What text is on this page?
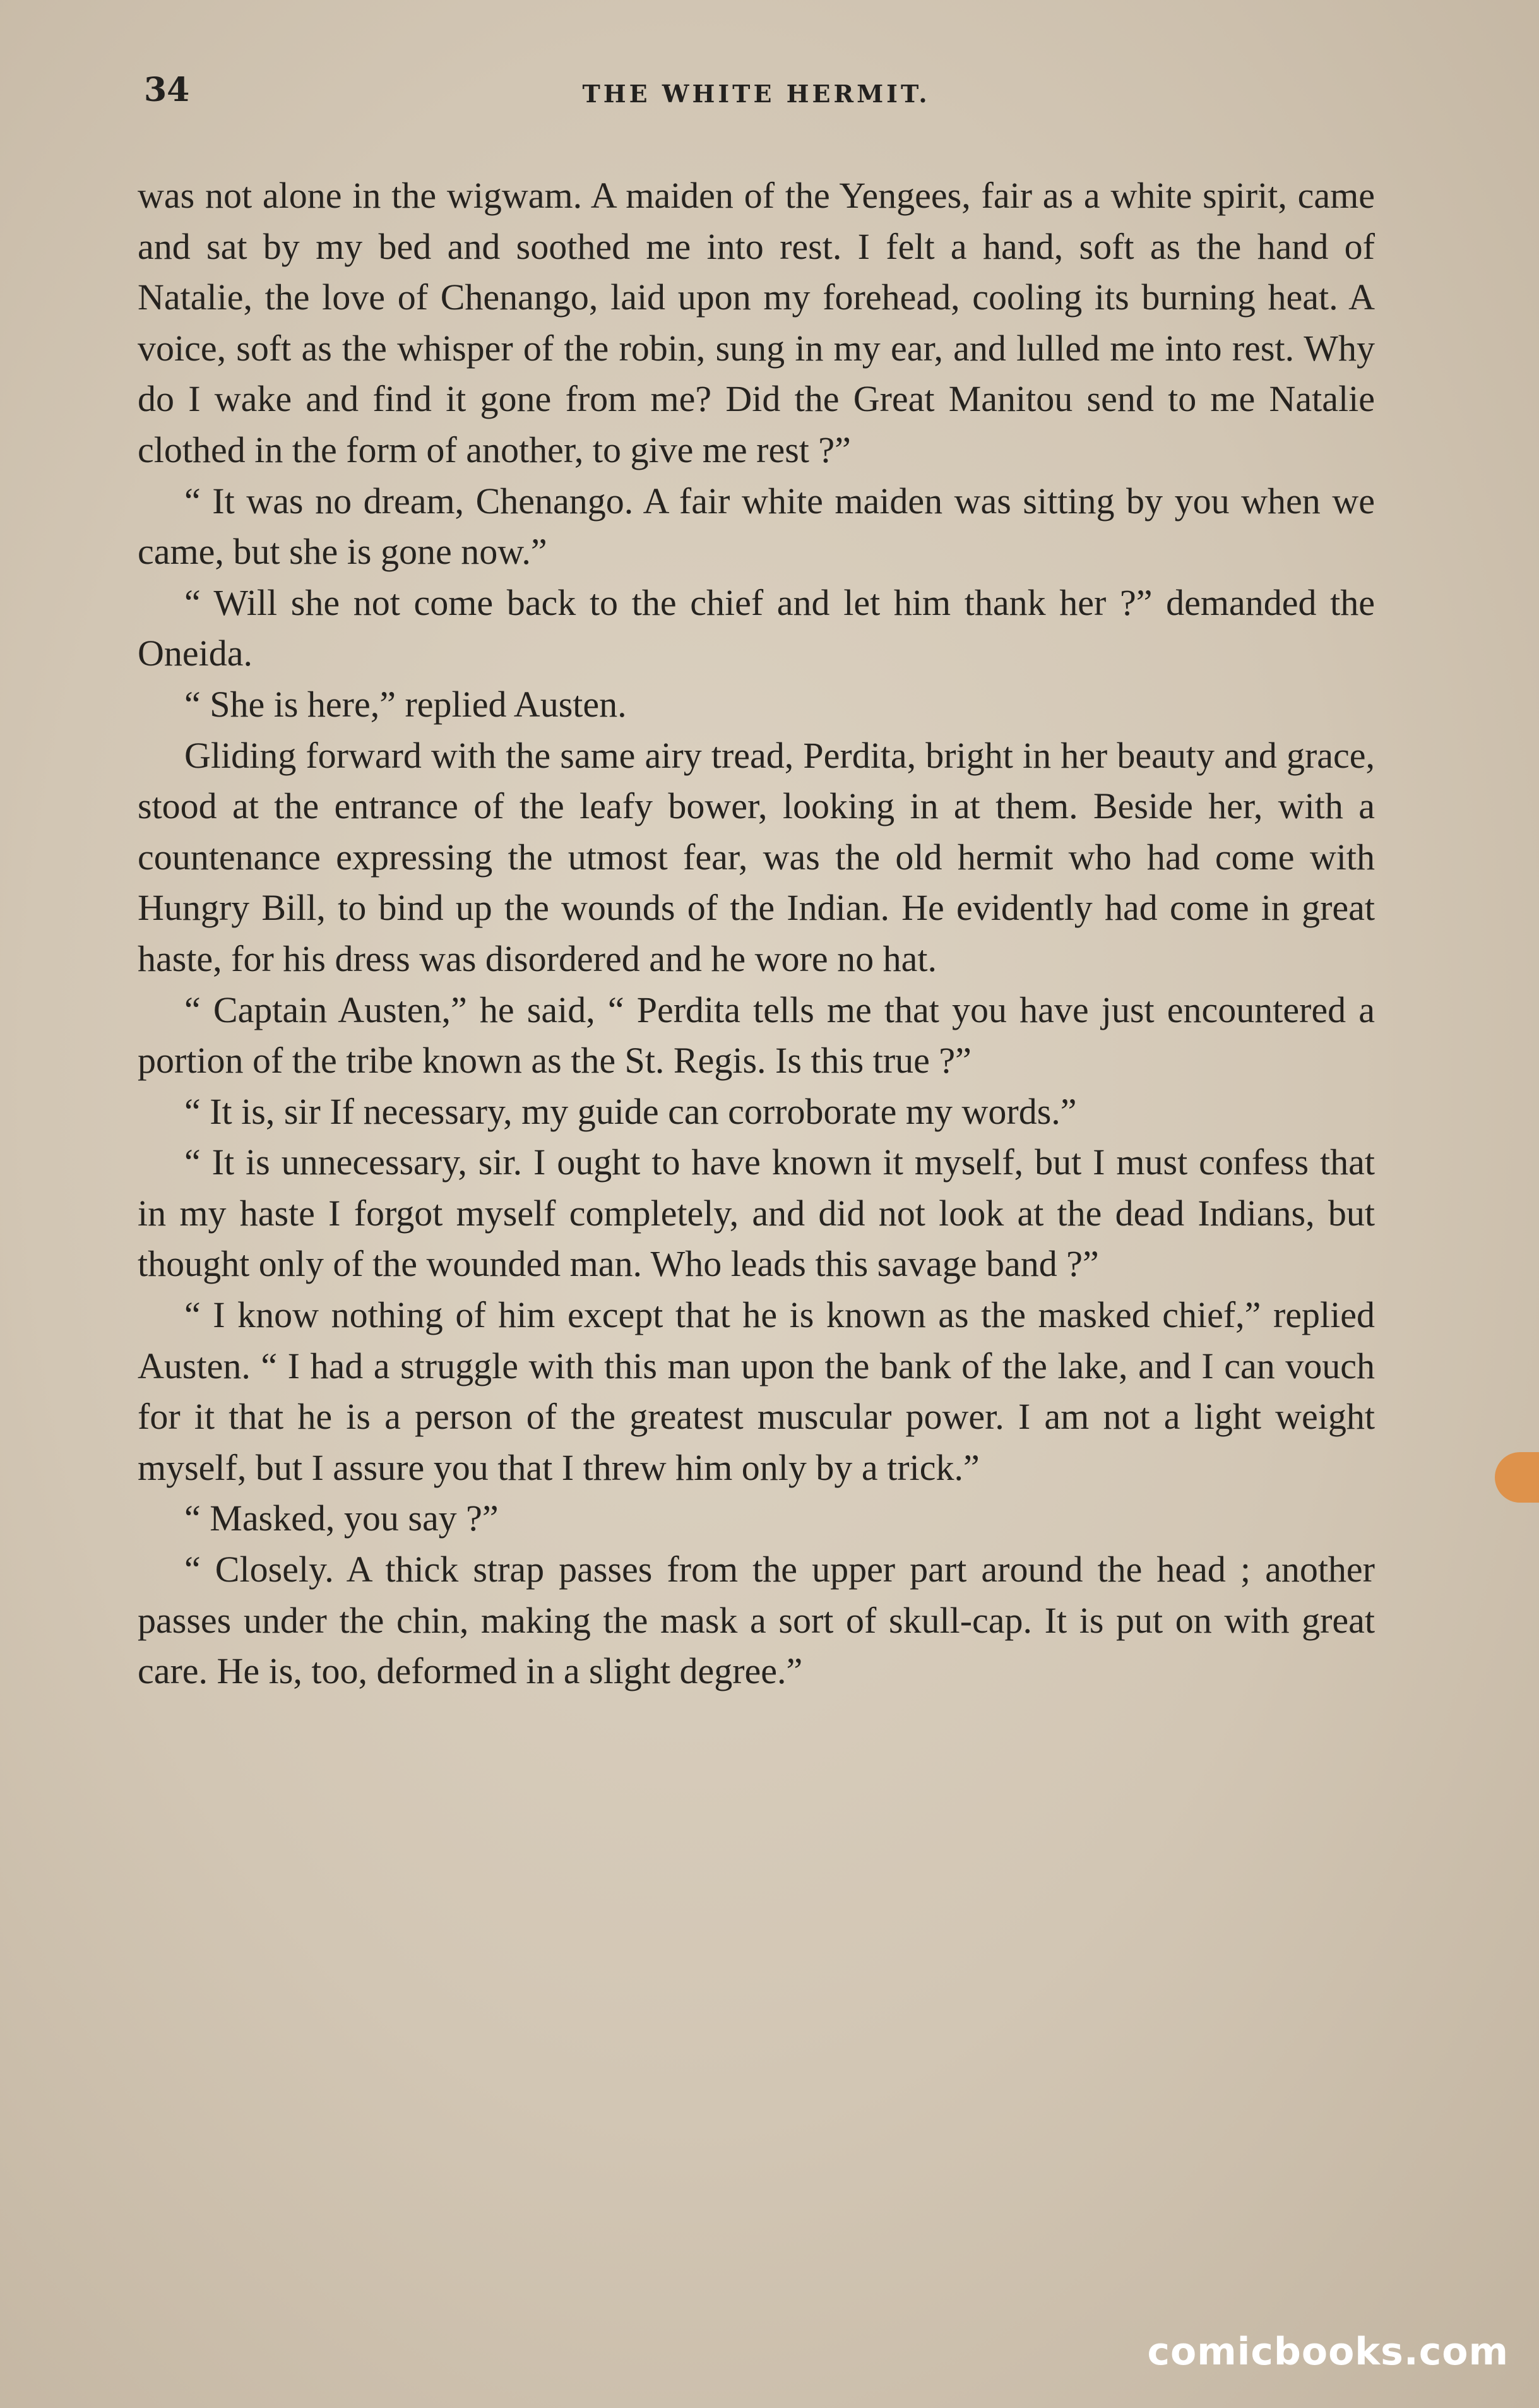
34	THE WHITE HERMIT.

was not alone in the wigwam. A maiden of the Yengees, fair as a white spirit, came and sat by my bed and soothed me into rest. I felt a hand, soft as the hand of Natalie, the love of Chenango, laid upon my forehead, cooling its burning heat. A voice, soft as the whisper of the robin, sung in my ear, and lulled me into rest. Why do I wake and find it gone from me? Did the Great Manitou send to me Natalie clothed in the form of another, to give me rest ?”

“ It was no dream, Chenango. A fair white maiden was sitting by you when we came, but she is gone now.”

“ Will she not come back to the chief and let him thank her ?” demanded the Oneida.

“ She is here,” replied Austen.

Gliding forward with the same airy tread, Perdita, bright in her beauty and grace, stood at the entrance of the leafy bower, looking in at them. Beside her, with a countenance expressing the utmost fear, was the old hermit who had come with Hungry Bill, to bind up the wounds of the Indian. He evidently had come in great haste, for his dress was disordered and he wore no hat.

“ Captain Austen,” he said, “ Perdita tells me that you have just encountered a portion of the tribe known as the St. Regis. Is this true ?”

“ It is, sir If necessary, my guide can corroborate my words.”

“ It is unnecessary, sir. I ought to have known it myself, but I must confess that in my haste I forgot myself completely, and did not look at the dead Indians, but thought only of the wounded man. Who leads this savage band ?”

“ I know nothing of him except that he is known as the masked chief,” replied Austen. “ I had a struggle with this man upon the bank of the lake, and I can vouch for it that he is a person of the greatest muscular power. I am not a light weight myself, but I assure you that I threw him only by a trick.”

“ Masked, you say ?”

“ Closely. A thick strap passes from the upper part around the head ; another passes under the chin, making the mask a sort of skull-cap. It is put on with great care. He is, too, deformed in a slight degree.”

comicbooks.com
